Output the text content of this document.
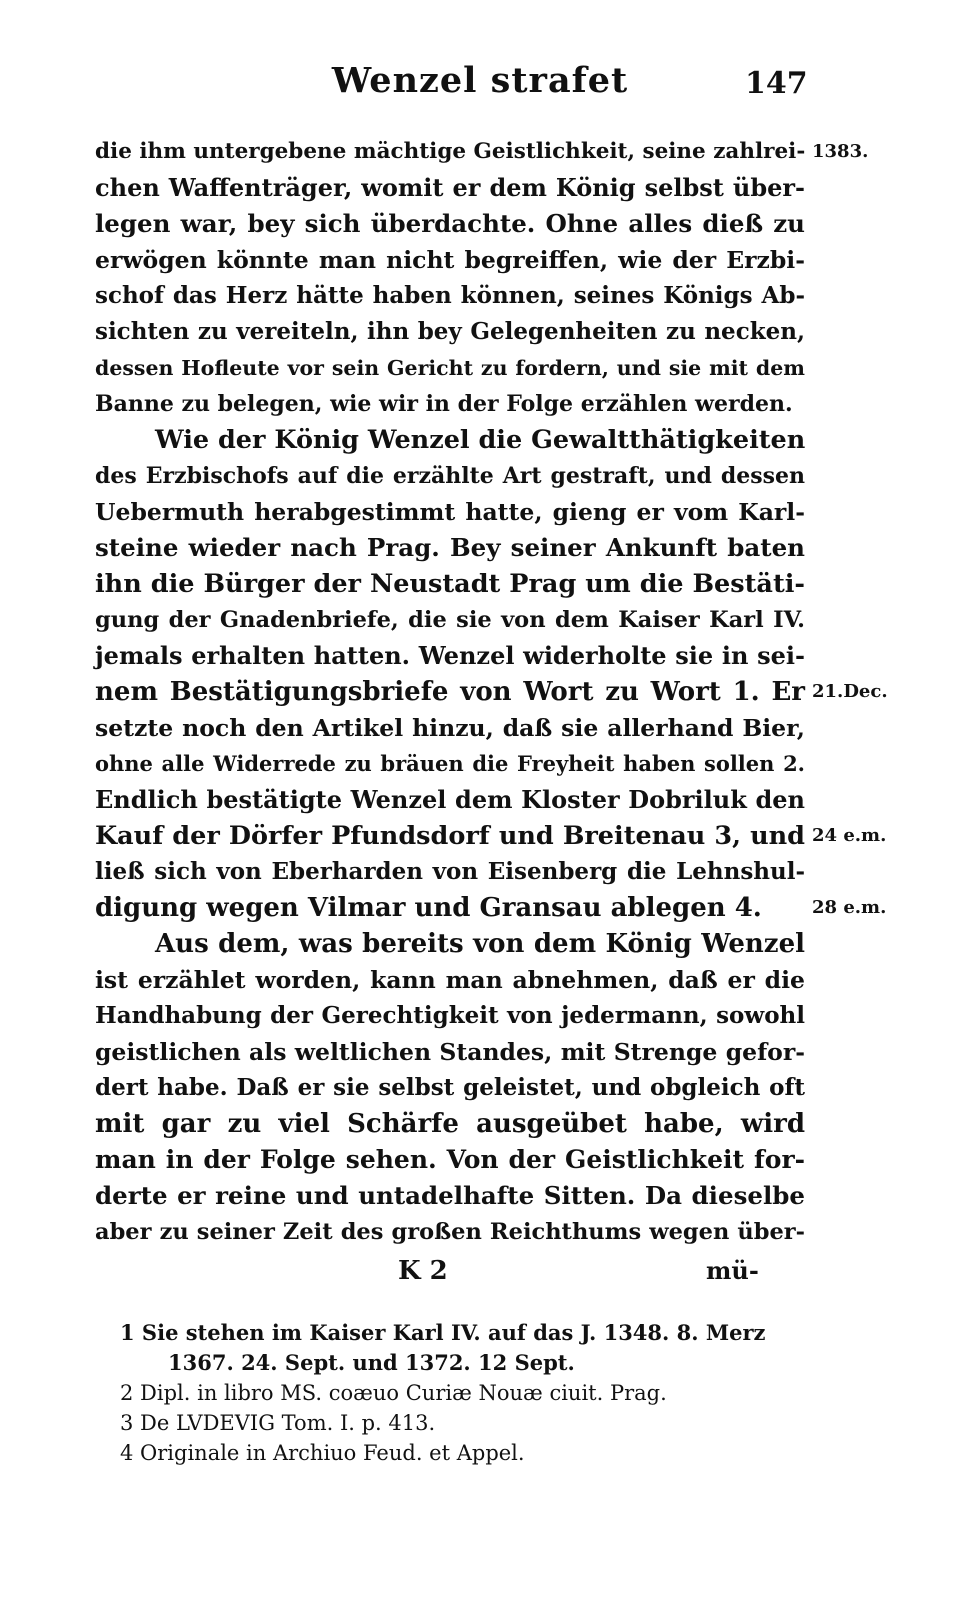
Wenzel strafet	147
die ihm untergebene mächtige Geistlichkeit, seine zahlrei-
chen Waffenträger, womit er dem König selbst über-
legen war, bey sich überdachte. Ohne alles dieß zu
erwögen könnte man nicht begreiffen, wie der Erzbi-
schof das Herz hätte haben können, seines Königs Ab-
sichten zu vereiteln, ihn bey Gelegenheiten zu necken,
dessen Hofleute vor sein Gericht zu fordern, und sie mit dem
Banne zu belegen, wie wir in der Folge erzählen werden.
Wie der König Wenzel die Gewaltthätigkeiten
des Erzbischofs auf die erzählte Art gestraft, und dessen
Uebermuth herabgestimmt hatte, gieng er vom Karl-
steine wieder nach Prag. Bey seiner Ankunft baten
ihn die Bürger der Neustadt Prag um die Bestäti-
gung der Gnadenbriefe, die sie von dem Kaiser Karl IV.
jemals erhalten hatten. Wenzel widerholte sie in sei-
nem Bestätigungsbriefe von Wort zu Wort 1. Er
setzte noch den Artikel hinzu, daß sie allerhand Bier,
ohne alle Widerrede zu bräuen die Freyheit haben sollen 2.
Endlich bestätigte Wenzel dem Kloster Dobriluk den
Kauf der Dörfer Pfundsdorf und Breitenau 3, und
ließ sich von Eberharden von Eisenberg die Lehnshul-
digung wegen Vilmar und Gransau ablegen 4.
Aus dem, was bereits von dem König Wenzel
ist erzählet worden, kann man abnehmen, daß er die
Handhabung der Gerechtigkeit von jedermann, sowohl
geistlichen als weltlichen Standes, mit Strenge gefor-
dert habe. Daß er sie selbst geleistet, und obgleich oft
mit gar zu viel Schärfe ausgeübet habe, wird
man in der Folge sehen. Von der Geistlichkeit for-
derte er reine und untadelhafte Sitten. Da dieselbe
aber zu seiner Zeit des großen Reichthums wegen über-
1383.
21.Dec.
24 e.m.
28 e.m.
K 2	mü-
1 Sie stehen im Kaiser Karl IV. auf das J. 1348. 8. Merz
1367. 24. Sept. und 1372. 12 Sept.
2 Dipl. in libro MS. coæuo Curiæ Nouæ ciuit. Prag.
3 De LVDEVIG Tom. I. p. 413.
4 Originale in Archiuo Feud. et Appel.
